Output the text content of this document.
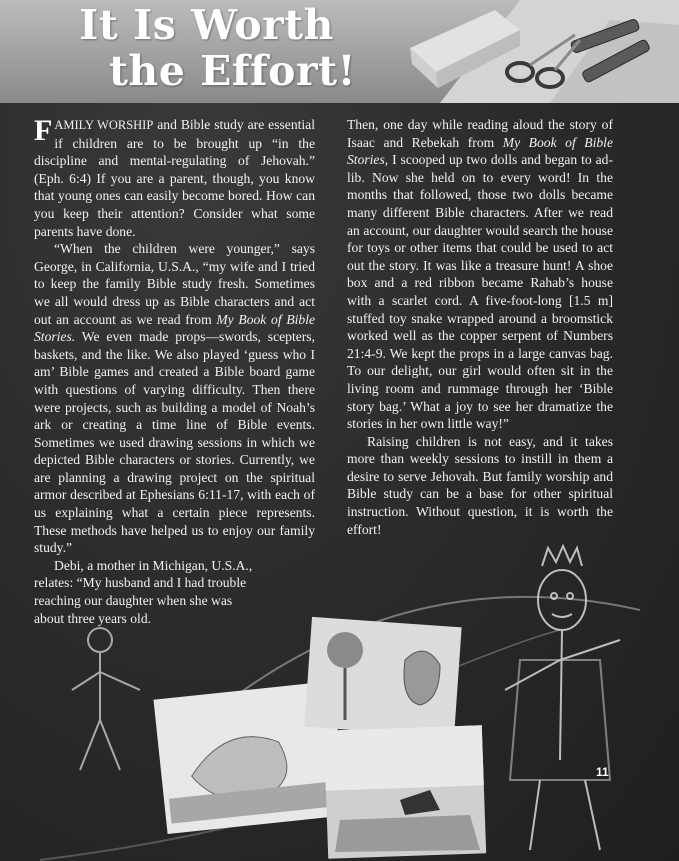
It Is Worth
the Effort!

FAMILY WORSHIP and Bible study are essential if children are to be brought up “in the discipline and mental-regulating of Jehovah.” (Eph. 6:4) If you are a parent, though, you know that young ones can easily become bored. How can you keep their attention? Consider what some parents have done.

“When the children were younger,” says George, in California, U.S.A., “my wife and I tried to keep the family Bible study fresh. Sometimes we all would dress up as Bible characters and act out an account as we read from My Book of Bible Stories. We even made props—swords, scepters, baskets, and the like. We also played ‘guess who I am’ Bible games and created a Bible board game with questions of varying difficulty. Then there were projects, such as building a model of Noah’s ark or creating a time line of Bible events. Sometimes we used drawing sessions in which we depicted Bible characters or stories. Currently, we are planning a drawing project on the spiritual armor described at Ephesians 6:11-17, with each of us explaining what a certain piece represents. These methods have helped us to enjoy our family study.”

Debi, a mother in Michigan, U.S.A., relates: “My husband and I had trouble reaching our daughter when she was about three years old.

Then, one day while reading aloud the story of Isaac and Rebekah from My Book of Bible Stories, I scooped up two dolls and began to ad-lib. Now she held on to every word! In the months that followed, those two dolls became many different Bible characters. After we read an account, our daughter would search the house for toys or other items that could be used to act out the story. It was like a treasure hunt! A shoe box and a red ribbon became Rahab’s house with a scarlet cord. A five-foot-long [1.5 m] stuffed toy snake wrapped around a broomstick worked well as the copper serpent of Numbers 21:4-9. We kept the props in a large canvas bag. To our delight, our girl would often sit in the living room and rummage through her ‘Bible story bag.’ What a joy to see her dramatize the stories in her own little way!”

Raising children is not easy, and it takes more than weekly sessions to instill in them a desire to serve Jehovah. But family worship and Bible study can be a base for other spiritual instruction. Without question, it is worth the effort!

11
